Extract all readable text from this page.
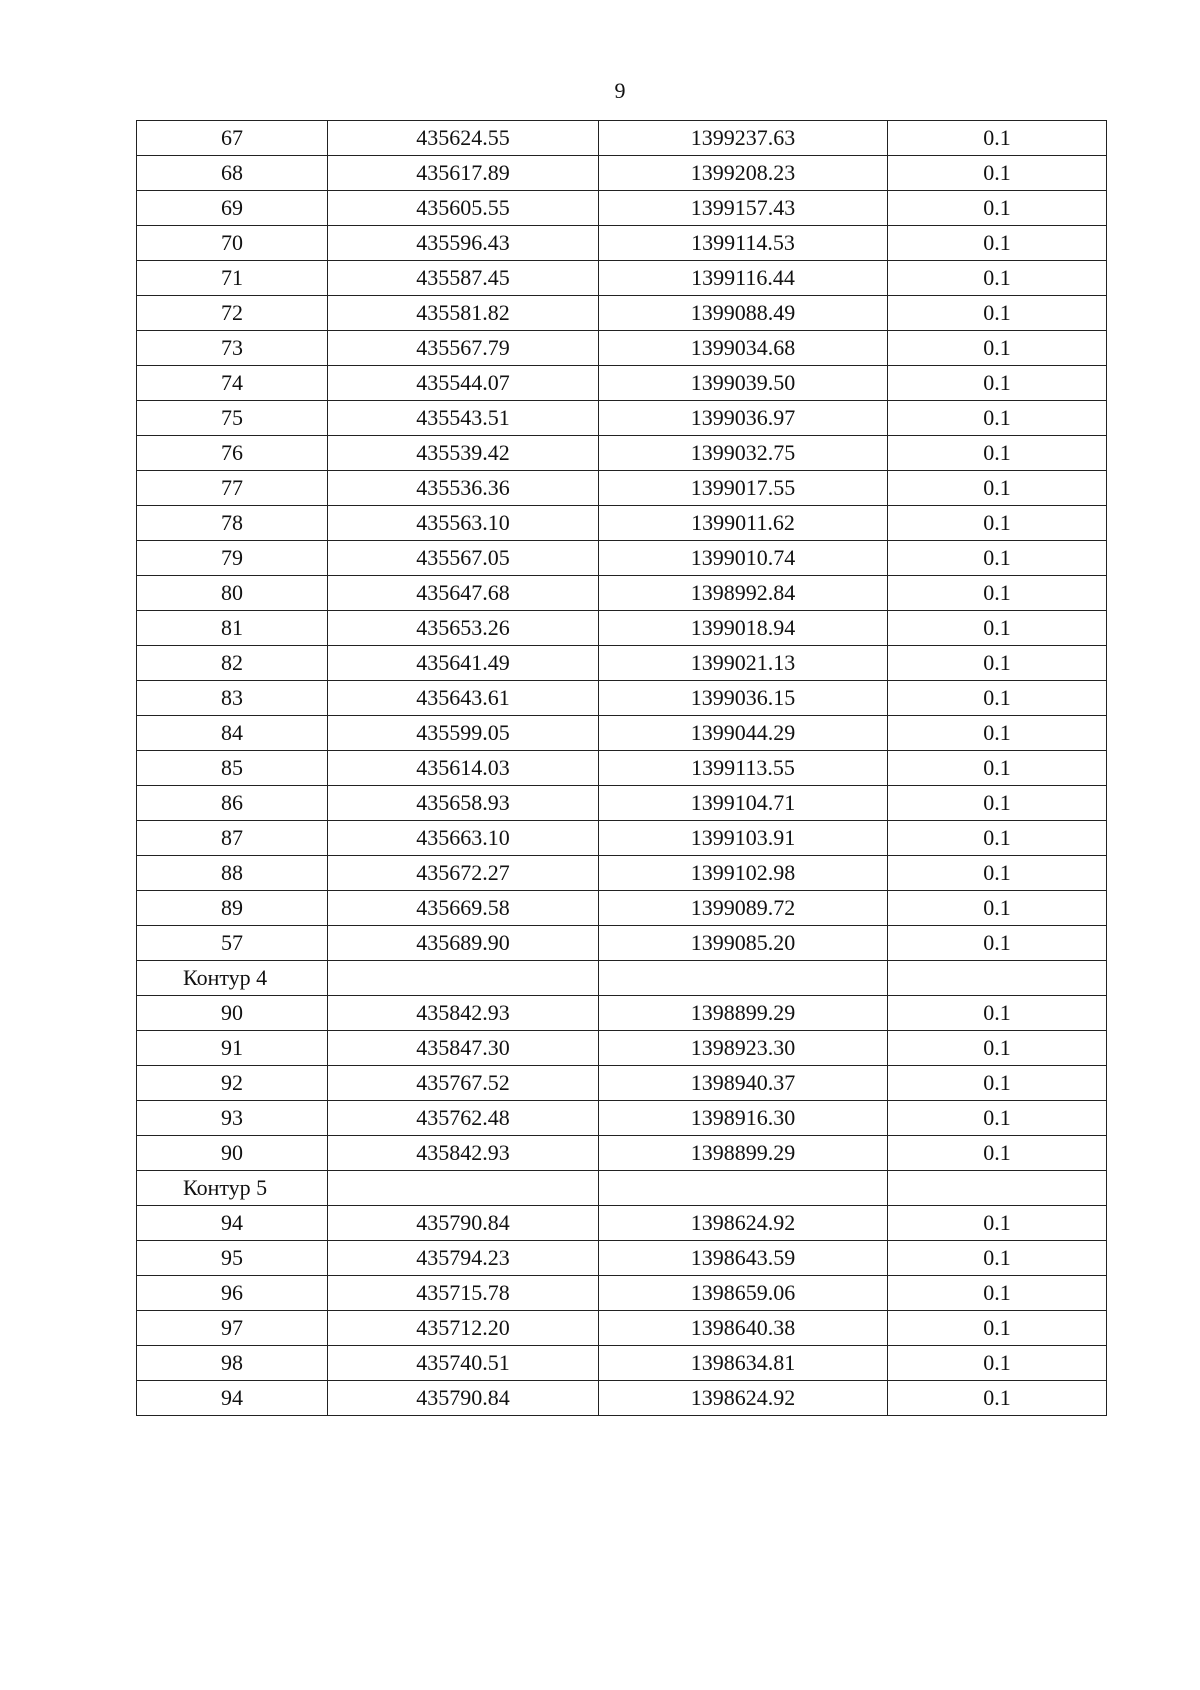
9
67	435624.55	1399237.63	0.1
68	435617.89	1399208.23	0.1
69	435605.55	1399157.43	0.1
70	435596.43	1399114.53	0.1
71	435587.45	1399116.44	0.1
72	435581.82	1399088.49	0.1
73	435567.79	1399034.68	0.1
74	435544.07	1399039.50	0.1
75	435543.51	1399036.97	0.1
76	435539.42	1399032.75	0.1
77	435536.36	1399017.55	0.1
78	435563.10	1399011.62	0.1
79	435567.05	1399010.74	0.1
80	435647.68	1398992.84	0.1
81	435653.26	1399018.94	0.1
82	435641.49	1399021.13	0.1
83	435643.61	1399036.15	0.1
84	435599.05	1399044.29	0.1
85	435614.03	1399113.55	0.1
86	435658.93	1399104.71	0.1
87	435663.10	1399103.91	0.1
88	435672.27	1399102.98	0.1
89	435669.58	1399089.72	0.1
57	435689.90	1399085.20	0.1
Контур 4			
90	435842.93	1398899.29	0.1
91	435847.30	1398923.30	0.1
92	435767.52	1398940.37	0.1
93	435762.48	1398916.30	0.1
90	435842.93	1398899.29	0.1
Контур 5			
94	435790.84	1398624.92	0.1
95	435794.23	1398643.59	0.1
96	435715.78	1398659.06	0.1
97	435712.20	1398640.38	0.1
98	435740.51	1398634.81	0.1
94	435790.84	1398624.92	0.1
